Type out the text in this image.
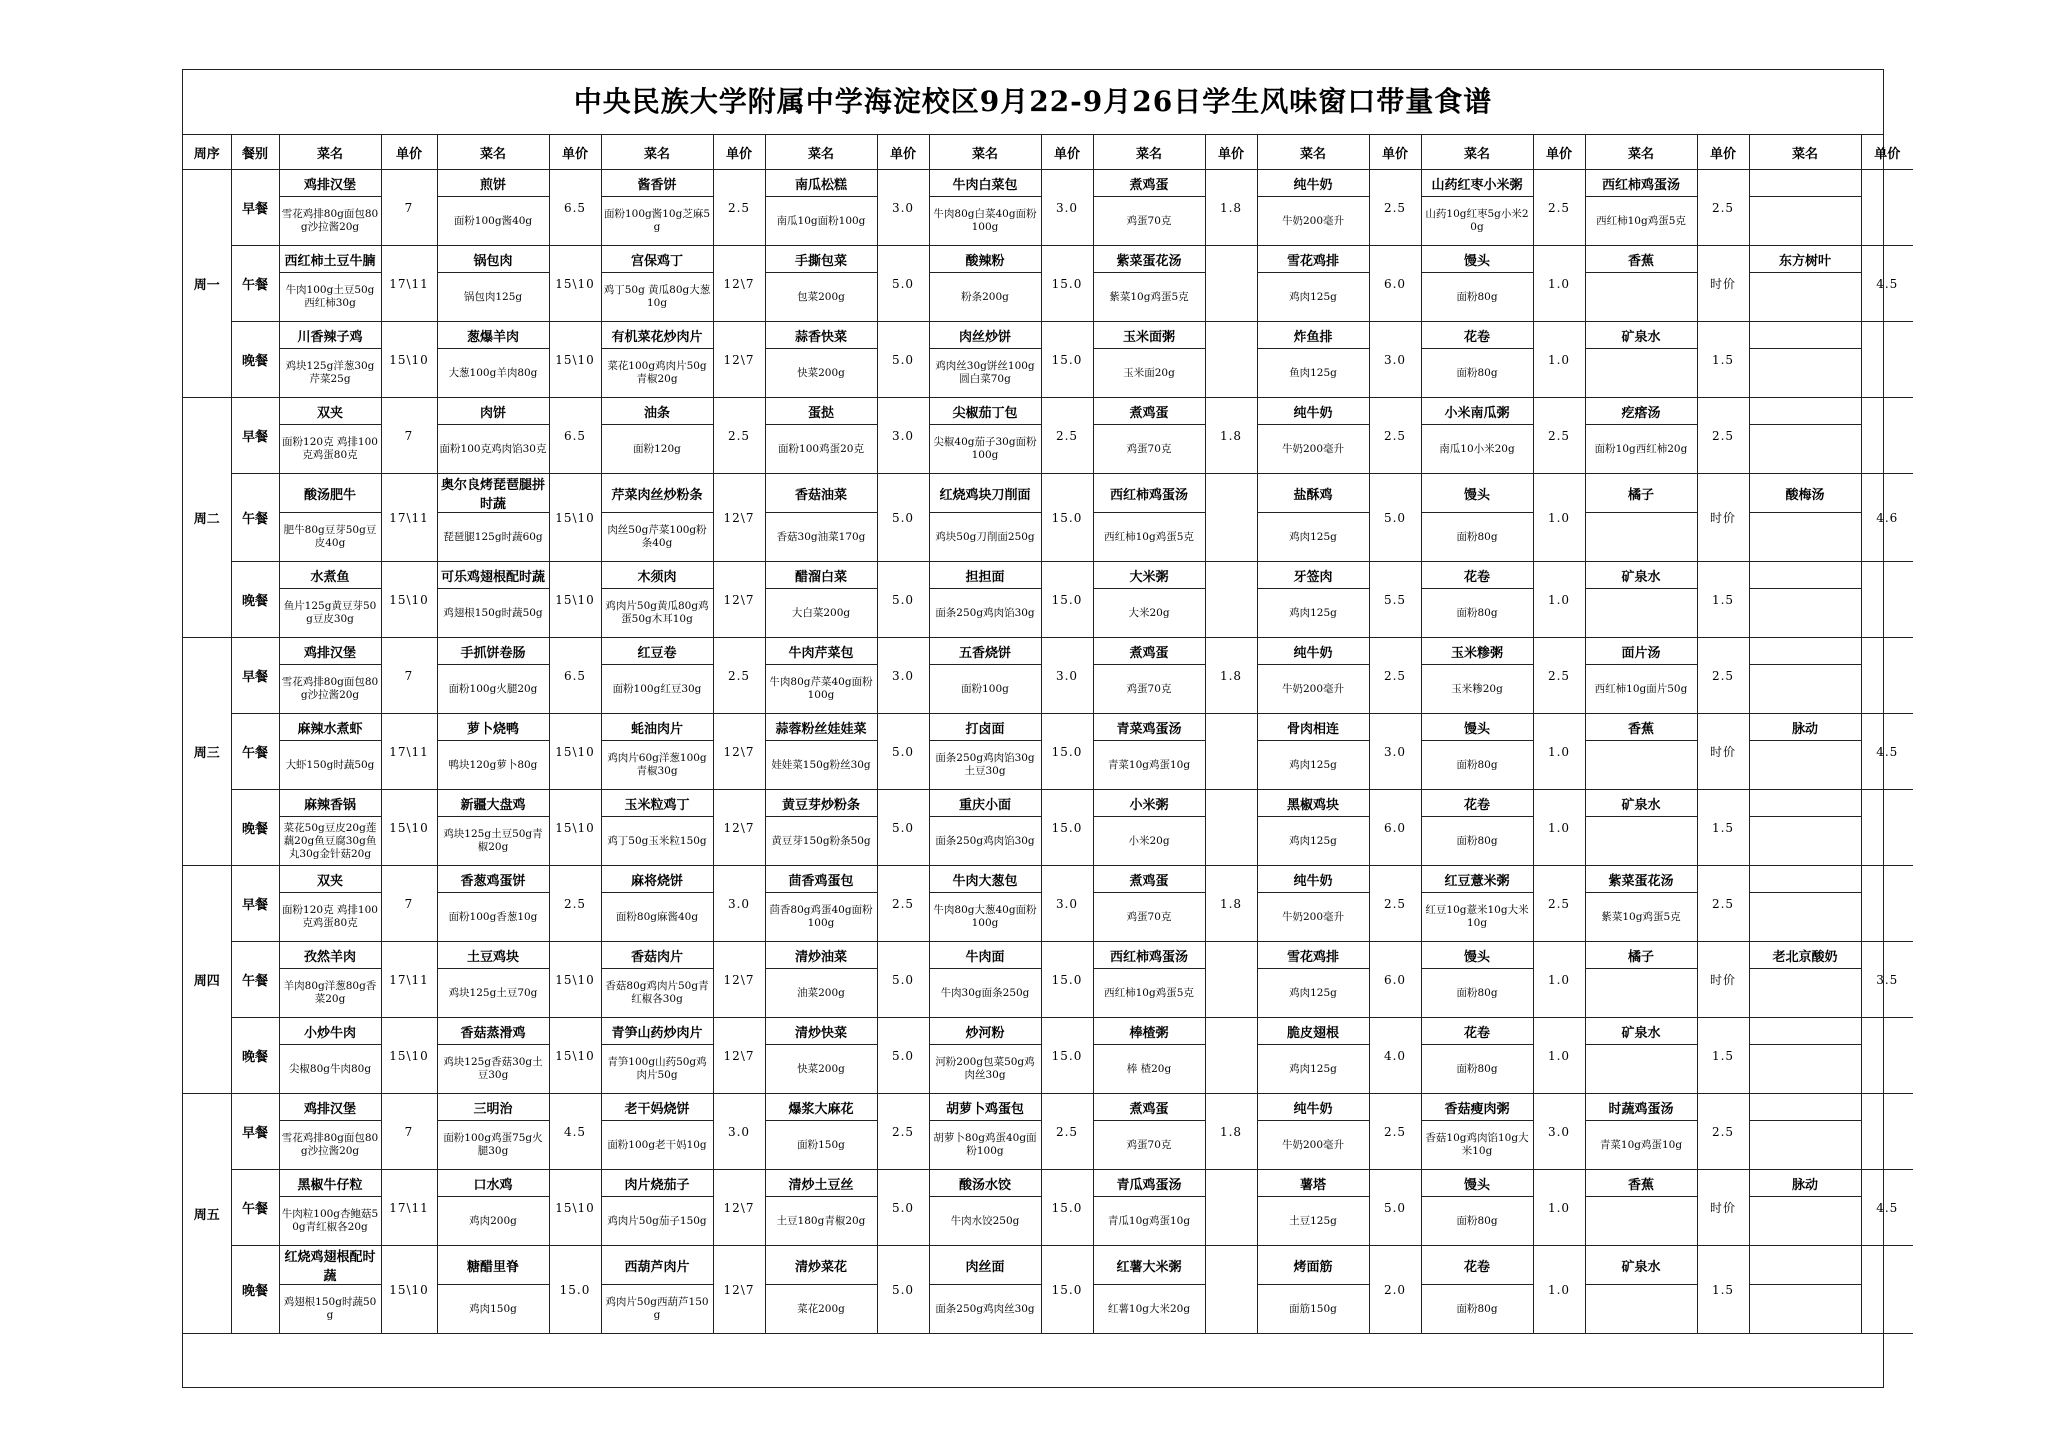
中央民族大学附属中学海淀校区9月22-9月26日学生风味窗口带量食谱
周序	餐别	菜名	单价	菜名	单价	菜名	单价	菜名	单价	菜名	单价	菜名	单价	菜名	单价	菜名	单价	菜名	单价	菜名	单价
周一	早餐	鸡排汉堡	7	煎饼	6.5	酱香饼	2.5	南瓜松糕	3.0	牛肉白菜包	3.0	煮鸡蛋	1.8	纯牛奶	2.5	山药红枣小米粥	2.5	西红柿鸡蛋汤	2.5		
		雪花鸡排80g面包80g沙拉酱20g		面粉100g酱40g		面粉100g酱10g芝麻5g		南瓜10g面粉100g		牛肉80g白菜40g面粉100g		鸡蛋70克		牛奶200毫升		山药10g红枣5g小米20g		西红柿10g鸡蛋5克			
	午餐	西红柿土豆牛腩	17\11	锅包肉	15\10	宫保鸡丁	12\7	手撕包菜	5.0	酸辣粉	15.0	紫菜蛋花汤		雪花鸡排	6.0	馒头	1.0	香蕉	时价	东方树叶	4.5
		牛肉100g土豆50g西红柿30g		锅包肉125g		鸡丁50g 黄瓜80g大葱10g		包菜200g		粉条200g		紫菜10g鸡蛋5克		鸡肉125g		面粉80g					
	晚餐	川香辣子鸡	15\10	葱爆羊肉	15\10	有机菜花炒肉片	12\7	蒜香快菜	5.0	肉丝炒饼	15.0	玉米面粥		炸鱼排	3.0	花卷	1.0	矿泉水	1.5		
		鸡块125g洋葱30g芹菜25g		大葱100g羊肉80g		菜花100g鸡肉片50g青椒20g		快菜200g		鸡肉丝30g饼丝100g圆白菜70g		玉米面20g		鱼肉125g		面粉80g					
周二	早餐	双夹	7	肉饼	6.5	油条	2.5	蛋挞	3.0	尖椒茄丁包	2.5	煮鸡蛋	1.8	纯牛奶	2.5	小米南瓜粥	2.5	疙瘩汤	2.5		
		面粉120克 鸡排100克鸡蛋80克		面粉100克鸡肉馅30克		面粉120g		面粉100鸡蛋20克		尖椒40g茄子30g面粉100g		鸡蛋70克		牛奶200毫升		南瓜10小米20g		面粉10g西红柿20g			
	午餐	酸汤肥牛	17\11	奥尔良烤琵琶腿拼时蔬	15\10	芹菜肉丝炒粉条	12\7	香菇油菜	5.0	红烧鸡块刀削面	15.0	西红柿鸡蛋汤		盐酥鸡	5.0	馒头	1.0	橘子	时价	酸梅汤	4.6
		肥牛80g豆芽50g豆皮40g		琵琶腿125g时蔬60g		肉丝50g芹菜100g粉条40g		香菇30g油菜170g		鸡块50g刀削面250g		西红柿10g鸡蛋5克		鸡肉125g		面粉80g					
	晚餐	水煮鱼	15\10	可乐鸡翅根配时蔬	15\10	木须肉	12\7	醋溜白菜	5.0	担担面	15.0	大米粥		牙签肉	5.5	花卷	1.0	矿泉水	1.5		
		鱼片125g黄豆芽50g豆皮30g		鸡翅根150g时蔬50g		鸡肉片50g黄瓜80g鸡蛋50g木耳10g		大白菜200g		面条250g鸡肉馅30g		大米20g		鸡肉125g		面粉80g					
周三	早餐	鸡排汉堡	7	手抓饼卷肠	6.5	红豆卷	2.5	牛肉芹菜包	3.0	五香烧饼	3.0	煮鸡蛋	1.8	纯牛奶	2.5	玉米糁粥	2.5	面片汤	2.5		
		雪花鸡排80g面包80g沙拉酱20g		面粉100g火腿20g		面粉100g红豆30g		牛肉80g芹菜40g面粉100g		面粉100g		鸡蛋70克		牛奶200毫升		玉米糁20g		西红柿10g面片50g			
	午餐	麻辣水煮虾	17\11	萝卜烧鸭	15\10	蚝油肉片	12\7	蒜蓉粉丝娃娃菜	5.0	打卤面	15.0	青菜鸡蛋汤		骨肉相连	3.0	馒头	1.0	香蕉	时价	脉动	4.5
		大虾150g时蔬50g		鸭块120g萝卜80g		鸡肉片60g洋葱100g青椒30g		娃娃菜150g粉丝30g		面条250g鸡肉馅30g土豆30g		青菜10g鸡蛋10g		鸡肉125g		面粉80g					
	晚餐	麻辣香锅	15\10	新疆大盘鸡	15\10	玉米粒鸡丁	12\7	黄豆芽炒粉条	5.0	重庆小面	15.0	小米粥		黑椒鸡块	6.0	花卷	1.0	矿泉水	1.5		
		菜花50g豆皮20g莲藕20g鱼豆腐30g鱼丸30g金针菇20g		鸡块125g土豆50g青椒20g		鸡丁50g玉米粒150g		黄豆芽150g粉条50g		面条250g鸡肉馅30g		小米20g		鸡肉125g		面粉80g					
周四	早餐	双夹	7	香葱鸡蛋饼	2.5	麻将烧饼	3.0	茴香鸡蛋包	2.5	牛肉大葱包	3.0	煮鸡蛋	1.8	纯牛奶	2.5	红豆薏米粥	2.5	紫菜蛋花汤	2.5		
		面粉120克 鸡排100克鸡蛋80克		面粉100g香葱10g		面粉80g麻酱40g		茴香80g鸡蛋40g面粉100g		牛肉80g大葱40g面粉100g		鸡蛋70克		牛奶200毫升		红豆10g薏米10g大米10g		紫菜10g鸡蛋5克			
	午餐	孜然羊肉	17\11	土豆鸡块	15\10	香菇肉片	12\7	清炒油菜	5.0	牛肉面	15.0	西红柿鸡蛋汤		雪花鸡排	6.0	馒头	1.0	橘子	时价	老北京酸奶	3.5
		羊肉80g洋葱80g香菜20g		鸡块125g土豆70g		香菇80g鸡肉片50g青红椒各30g		油菜200g		牛肉30g面条250g		西红柿10g鸡蛋5克		鸡肉125g		面粉80g					
	晚餐	小炒牛肉	15\10	香菇蒸滑鸡	15\10	青笋山药炒肉片	12\7	清炒快菜	5.0	炒河粉	15.0	棒楂粥		脆皮翅根	4.0	花卷	1.0	矿泉水	1.5		
		尖椒80g牛肉80g		鸡块125g香菇30g土豆30g		青笋100g山药50g鸡肉片50g		快菜200g		河粉200g包菜50g鸡肉丝30g		棒 楂20g		鸡肉125g		面粉80g					
周五	早餐	鸡排汉堡	7	三明治	4.5	老干妈烧饼	3.0	爆浆大麻花	2.5	胡萝卜鸡蛋包	2.5	煮鸡蛋	1.8	纯牛奶	2.5	香菇瘦肉粥	3.0	时蔬鸡蛋汤	2.5		
		雪花鸡排80g面包80g沙拉酱20g		面粉100g鸡蛋75g火腿30g		面粉100g老干妈10g		面粉150g		胡萝卜80g鸡蛋40g面粉100g		鸡蛋70克		牛奶200毫升		香菇10g鸡肉馅10g大米10g		青菜10g鸡蛋10g			
	午餐	黑椒牛仔粒	17\11	口水鸡	15\10	肉片烧茄子	12\7	清炒土豆丝	5.0	酸汤水饺	15.0	青瓜鸡蛋汤		薯塔	5.0	馒头	1.0	香蕉	时价	脉动	4.5
		牛肉粒100g杏鲍菇50g青红椒各20g		鸡肉200g		鸡肉片50g茄子150g		土豆180g青椒20g		牛肉水饺250g		青瓜10g鸡蛋10g		土豆125g		面粉80g					
	晚餐	红烧鸡翅根配时蔬	15\10	糖醋里脊	15.0	西葫芦肉片	12\7	清炒菜花	5.0	肉丝面	15.0	红薯大米粥		烤面筋	2.0	花卷	1.0	矿泉水	1.5		
		鸡翅根150g时蔬50g		鸡肉150g		鸡肉片50g西葫芦150g		菜花200g		面条250g鸡肉丝30g		红薯10g大米20g		面筋150g		面粉80g					
